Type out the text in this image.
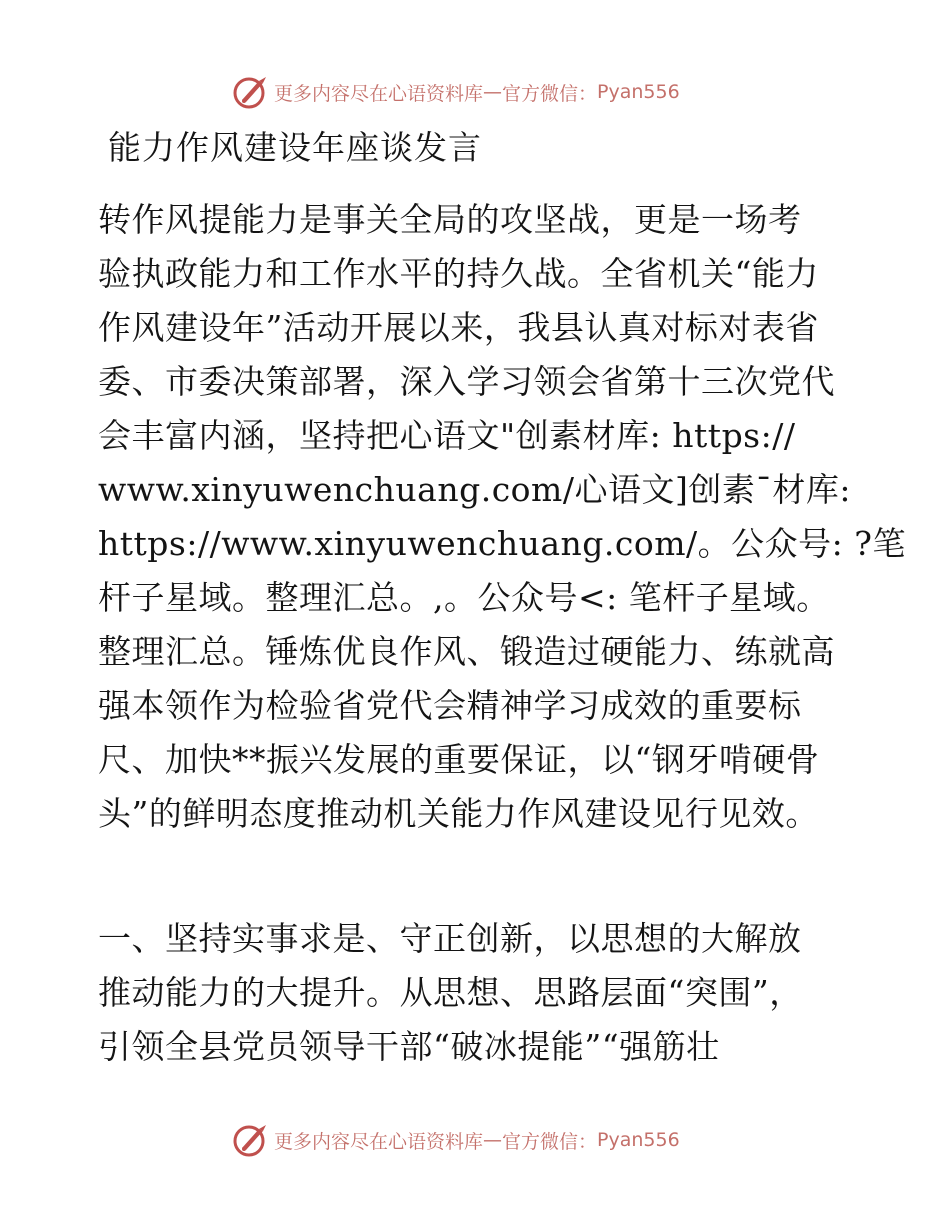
更多内容尽在心语资料库 — 官方微信： Pyan556
能力作风建设年座谈发言
转作风提能力是事关全局的攻坚战，更是一场考
验执政能力和工作水平的持久战。全省机关“能力
作风建设年”活动开展以来，我县认真对标对表省
委、市委决策部署，深入学习领会省第十三次党代
会丰富内涵，坚持把心语文"创素材库: https://
www.xinyuwenchuang.com/心语文]创素¯材库:
https://www.xinyuwenchuang.com/。公众号: ?笔
杆子星域。整理汇总。,。公众号<: 笔杆子星域。
整理汇总。锤炼优良作风、锻造过硬能力、练就高
强本领作为检验省党代会精神学习成效的重要标
尺、加快**振兴发展的重要保证，以“钢牙啃硬骨
头”的鲜明态度推动机关能力作风建设见行见效。
一、坚持实事求是、守正创新，以思想的大解放
推动能力的大提升。从思想、思路层面“突围”，
引领全县党员领导干部“破冰提能”“强筋壮
更多内容尽在心语资料库 — 官方微信： Pyan556
